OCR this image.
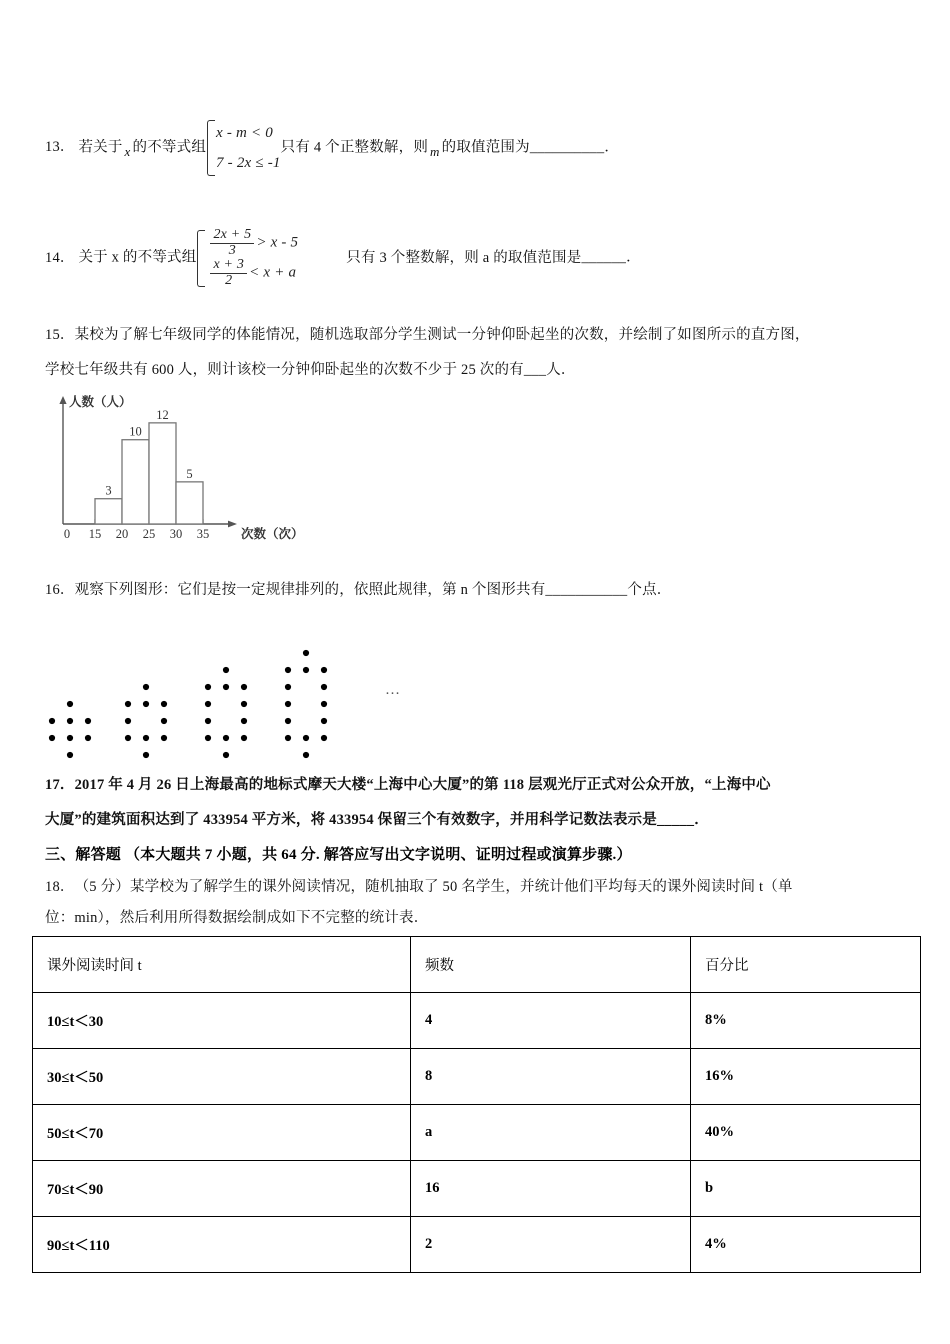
13． 若关于 x 的不等式组
x - m < 0
7 - 2x ≤ -1
只有 4 个正整数解，则 m 的取值范围为__________．
14． 关于 x 的不等式组 $\frac{2x + 5}{3} > x - 5$
$\frac{x + 3}{2} < x + a$
只有 3 个整数解，则 a 的取值范围是______．
15．某校为了解七年级同学的体能情况，随机选取部分学生测试一分钟仰卧起坐的次数，并绘制了如图所示的直方图，
学校七年级共有 600 人，则计该校一分钟仰卧起坐的次数不少于 25 次的有___人．
3
10
12
5
0 15 20 25 30 35
人数（人）
次数（次）
16．观察下列图形：它们是按一定规律排列的，依照此规律，第 n 个图形共有___________个点．
…
17．2017 年 4 月 26 日上海最高的地标式摩天大楼“上海中心大厦”的第 118 层观光厅正式对公众开放，“上海中心
大厦”的建筑面积达到了 433954 平方米，将 433954 保留三个有效数字，并用科学记数法表示是_____．
三、解答题 （本大题共 7 小题，共 64 分. 解答应写出文字说明、证明过程或演算步骤.）
18．（5 分）某学校为了解学生的课外阅读情况，随机抽取了 50 名学生，并统计他们平均每天的课外阅读时间 t（单
位：min），然后利用所得数据绘制成如下不完整的统计表．
课外阅读时间 t	频数	百分比
10≤t＜30	4	8%
30≤t＜50	8	16%
50≤t＜70	a	40%
70≤t＜90	16	b
90≤t＜110	2	4%
